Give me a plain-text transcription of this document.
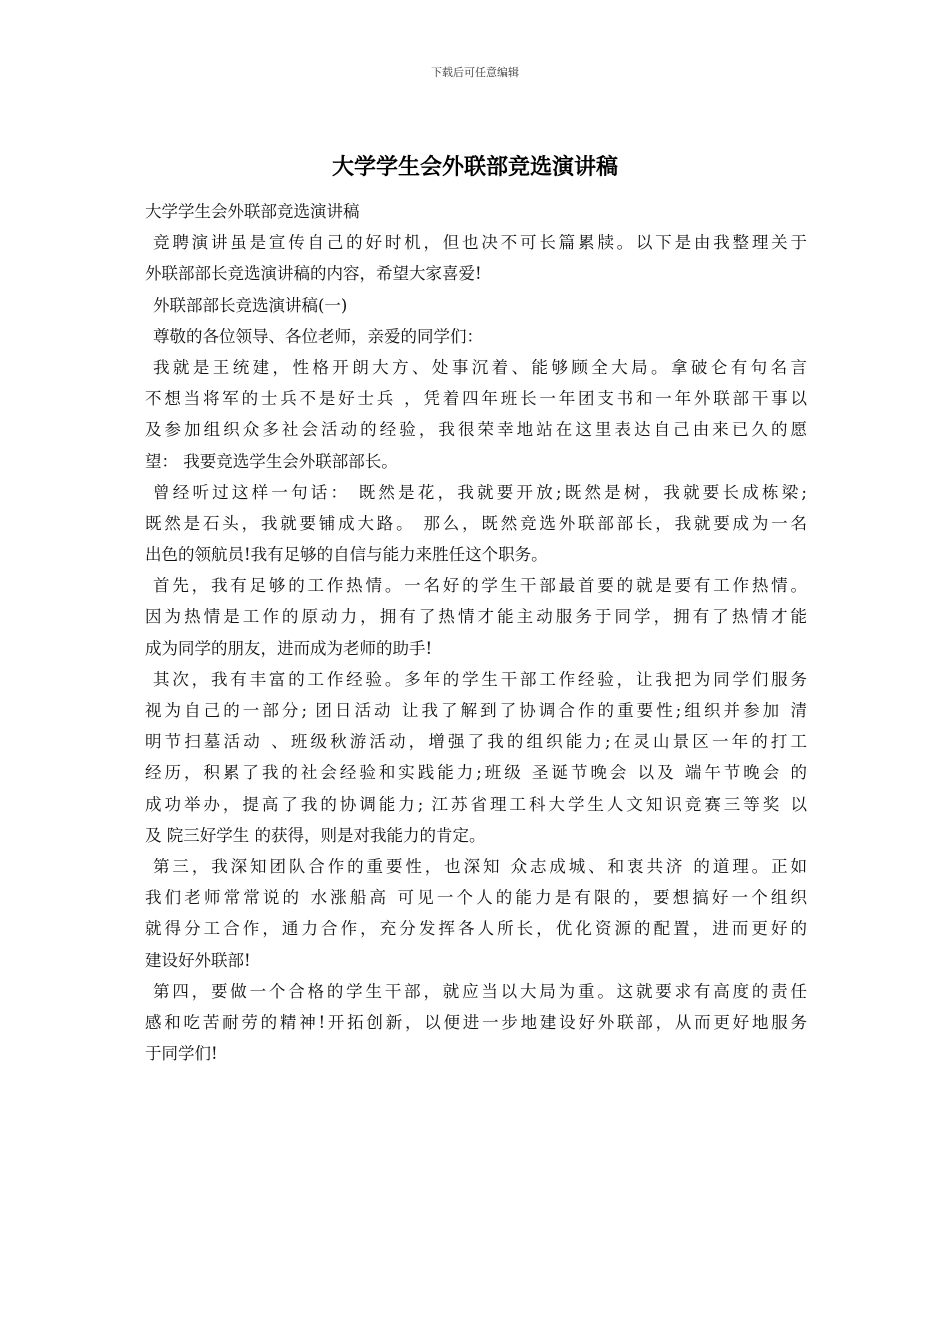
下载后可任意编辑
大学学生会外联部竞选演讲稿
大学学生会外联部竞选演讲稿
竞聘演讲虽是宣传自己的好时机，但也决不可长篇累牍。以下是由我整理关于
外联部部长竞选演讲稿的内容，希望大家喜爱!
外联部部长竞选演讲稿(一)
尊敬的各位领导、各位老师，亲爱的同学们：
我就是王统建，性格开朗大方、处事沉着、能够顾全大局。拿破仑有句名言
不想当将军的士兵不是好士兵 ，凭着四年班长一年团支书和一年外联部干事以
及参加组织众多社会活动的经验，我很荣幸地站在这里表达自己由来已久的愿
望： 我要竞选学生会外联部部长。
曾经听过这样一句话： 既然是花，我就要开放;既然是树，我就要长成栋梁;
既然是石头，我就要铺成大路。 那么，既然竞选外联部部长，我就要成为一名
出色的领航员!我有足够的自信与能力来胜任这个职务。
首先，我有足够的工作热情。一名好的学生干部最首要的就是要有工作热情。
因为热情是工作的原动力，拥有了热情才能主动服务于同学，拥有了热情才能
成为同学的朋友，进而成为老师的助手!
其次，我有丰富的工作经验。多年的学生干部工作经验，让我把为同学们服务
视为自己的一部分; 团日活动 让我了解到了协调合作的重要性;组织并参加 清
明节扫墓活动 、班级秋游活动，增强了我的组织能力;在灵山景区一年的打工
经历，积累了我的社会经验和实践能力;班级 圣诞节晚会 以及 端午节晚会 的
成功举办，提高了我的协调能力; 江苏省理工科大学生人文知识竞赛三等奖 以
及 院三好学生 的获得，则是对我能力的肯定。
第三，我深知团队合作的重要性，也深知 众志成城、和衷共济 的道理。正如
我们老师常常说的 水涨船高 可见一个人的能力是有限的，要想搞好一个组织
就得分工合作，通力合作，充分发挥各人所长，优化资源的配置，进而更好的
建设好外联部!
第四，要做一个合格的学生干部，就应当以大局为重。这就要求有高度的责任
感和吃苦耐劳的精神!开拓创新，以便进一步地建设好外联部，从而更好地服务
于同学们!
